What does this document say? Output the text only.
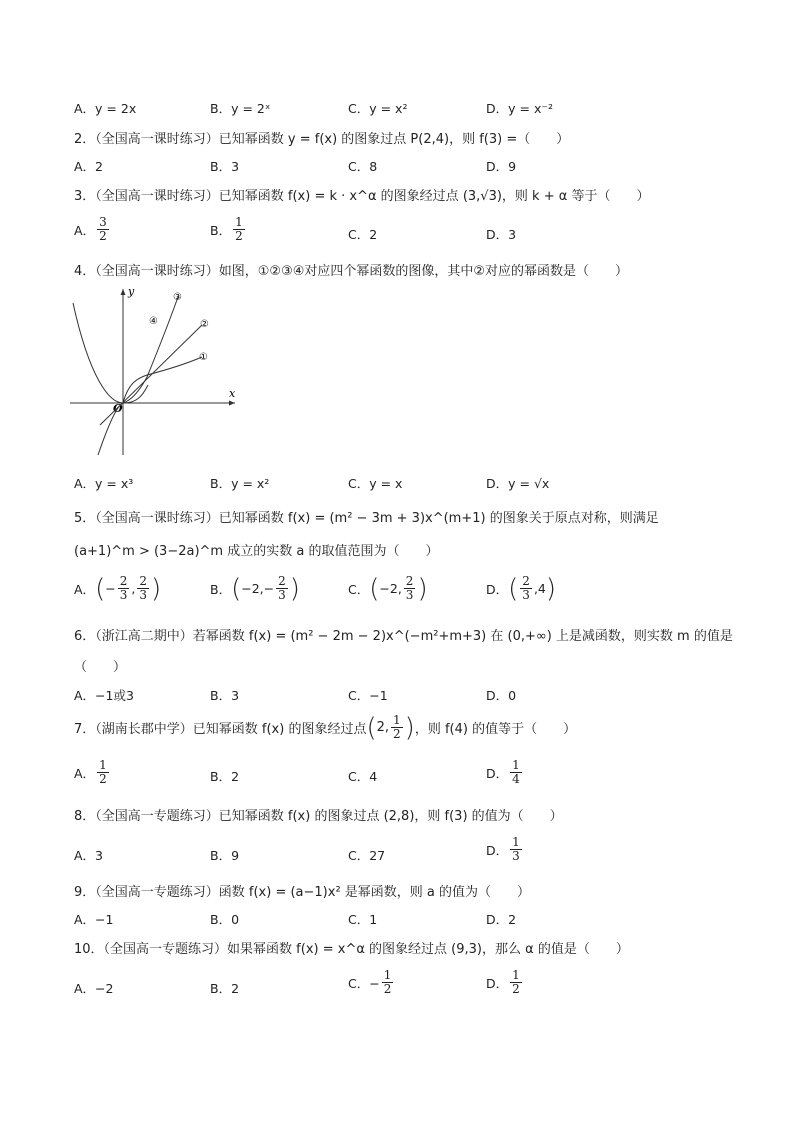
A．y = 2x	B．y = 2ˣ	C．y = x²	D．y = x⁻²
2．（全国高一课时练习）已知幂函数 y = f(x) 的图象过点 P(2,4)，则 f(3) =（　　）
A．2	B．3	C．8	D．9
3．（全国高一课时练习）已知幂函数 f(x) = k · x^α 的图象经过点 (3,√3)，则 k + α 等于（　　）
A． $\frac{3}{2}$	B． $\frac{1}{2}$	C．2	D．3
4．（全国高一课时练习）如图，①②③④对应四个幂函数的图像，其中②对应的幂函数是（　　）
x
y
O
③
④	②
①
A．y = x³	B．y = x²	C．y = x	D．y = √x
5．（全国高一课时练习）已知幂函数 f(x) = (m² − 3m + 3)x^(m+1) 的图象关于原点对称，则满足
(a+1)^m > (3−2a)^m 成立的实数 a 的取值范围为（　　）
A． ( − $\frac{2}{3}$ , $\frac{2}{3}$ )	B． ( $-2,- \frac{2}{3}$ )	C． ( −2, $\frac{2}{3}$ )	D． ( $\frac{2}{3} ,4$ )
6．（浙江高二期中）若幂函数 f(x) = (m² − 2m − 2)x^(−m²+m+3) 在 (0,+∞) 上是减函数，则实数 m 的值是
（　　）
A．−1或3	B．3	C．−1	D．0
7．（湖南长郡中学）已知幂函数 f(x) 的图象经过点 ( 2, $\frac{1}{2}$ ) ，则 f(4) 的值等于（　　）
A． $\frac{1}{2}$	B．2	C．4	D． $\frac{1}{4}$
8．（全国高一专题练习）已知幂函数 f(x) 的图象过点 (2,8)，则 f(3) 的值为（　　）
A．3	B．9	C．27	D． $\frac{1}{3}$
9．（全国高一专题练习）函数 f(x) = (a−1)x² 是幂函数，则 a 的值为（　　）
A．−1	B．0	C．1	D．2
10．（全国高一专题练习）如果幂函数 f(x) = x^α 的图象经过点 (9,3)，那么 α 的值是（　　）
A．−2	B．2	C．− $\frac{1}{2}$	D． $\frac{1}{2}$
